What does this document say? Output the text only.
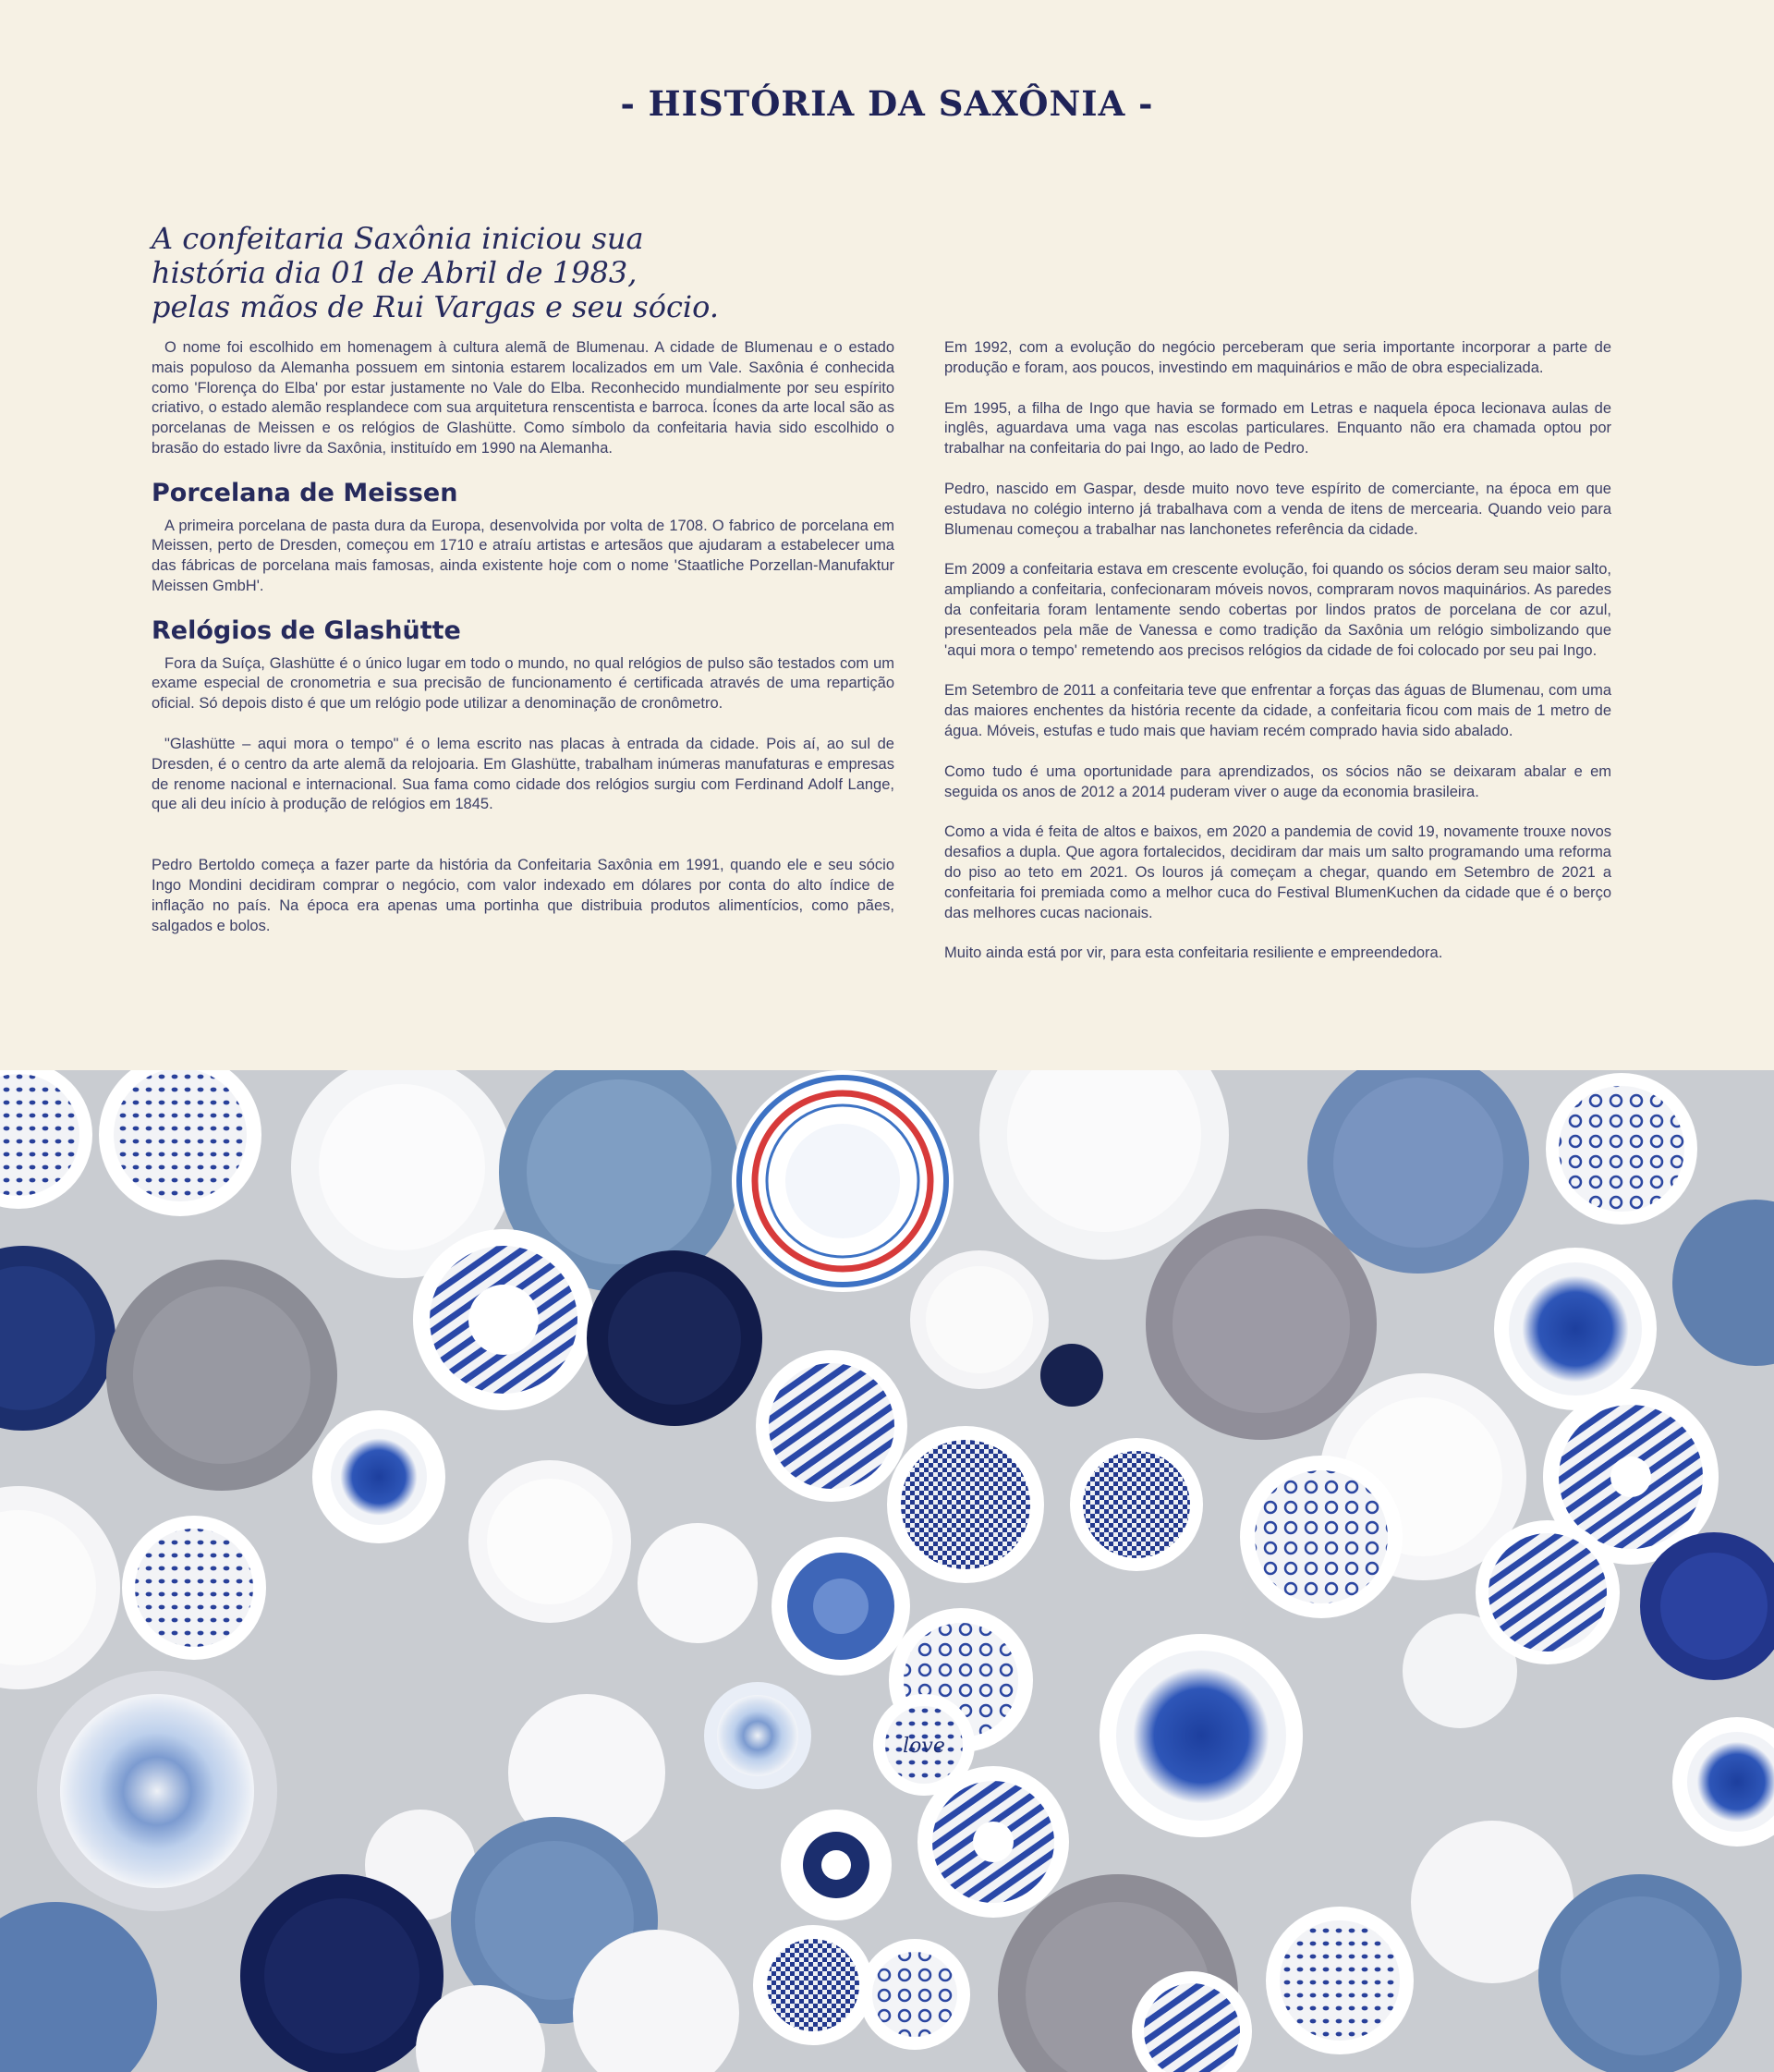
- HISTÓRIA DA SAXÔNIA -
A confeitaria Saxônia iniciou sua
história dia 01 de Abril de 1983,
pelas mãos de Rui Vargas e seu sócio.

O nome foi escolhido em homenagem à cultura alemã de Blumenau. A cidade de Blumenau e o estado mais populoso da Alemanha possuem em sintonia estarem localizados em um Vale. Saxônia é conhecida como 'Florença do Elba' por estar justamente no Vale do Elba. Reconhecido mundialmente por seu espírito criativo, o estado alemão resplandece com sua arquitetura renscentista e barroca. Ícones da arte local são as porcelanas de Meissen e os relógios de Glashütte. Como símbolo da confeitaria havia sido escolhido o brasão do estado livre da Saxônia, instituído em 1990 na Alemanha.

Porcelana de Meissen

A primeira porcelana de pasta dura da Europa, desenvolvida por volta de 1708. O fabrico de porcelana em Meissen, perto de Dresden, começou em 1710 e atraíu artistas e artesãos que ajudaram a estabelecer uma das fábricas de porcelana mais famosas, ainda existente hoje com o nome 'Staatliche Porzellan-Manufaktur Meissen GmbH'.

Relógios de Glashütte

Fora da Suíça, Glashütte é o único lugar em todo o mundo, no qual relógios de pulso são testados com um exame especial de cronometria e sua precisão de funcionamento é certificada através de uma repartição oficial. Só depois disto é que um relógio pode utilizar a denominação de cronômetro.

"Glashütte – aqui mora o tempo" é o lema escrito nas placas à entrada da cidade. Pois aí, ao sul de Dresden, é o centro da arte alemã da relojoaria. Em Glashütte, trabalham inúmeras manufaturas e empresas de renome nacional e internacional. Sua fama como cidade dos relógios surgiu com Ferdinand Adolf Lange, que ali deu início à produção de relógios em 1845.

Pedro Bertoldo começa a fazer parte da história da Confeitaria Saxônia em 1991, quando ele e seu sócio Ingo Mondini decidiram comprar o negócio, com valor indexado em dólares por conta do alto índice de inflação no país. Na época era apenas uma portinha que distribuia produtos alimentícios, como pães, salgados e bolos.

Em 1992, com a evolução do negócio perceberam que seria importante incorporar a parte de produção e foram, aos poucos, investindo em maquinários e mão de obra especializada.

Em 1995, a filha de Ingo que havia se formado em Letras e naquela época lecionava aulas de inglês, aguardava uma vaga nas escolas particulares. Enquanto não era chamada optou por trabalhar na confeitaria do pai Ingo, ao lado de Pedro.

Pedro, nascido em Gaspar, desde muito novo teve espírito de comerciante, na época em que estudava no colégio interno já trabalhava com a venda de itens de mercearia. Quando veio para Blumenau começou a trabalhar nas lanchonetes referência da cidade.

Em 2009 a confeitaria estava em crescente evolução, foi quando os sócios deram seu maior salto, ampliando a confeitaria, confecionaram móveis novos, compraram novos maquinários. As paredes da confeitaria foram lentamente sendo cobertas por lindos pratos de porcelana de cor azul, presenteados pela mãe de Vanessa e como tradição da Saxônia um relógio simbolizando que 'aqui mora o tempo' remetendo aos precisos relógios da cidade de foi colocado por seu pai Ingo.

Em Setembro de 2011 a confeitaria teve que enfrentar a forças das águas de Blumenau, com uma das maiores enchentes da história recente da cidade, a confeitaria ficou com mais de 1 metro de água. Móveis, estufas e tudo mais que haviam recém comprado havia sido abalado.

Como tudo é uma oportunidade para aprendizados, os sócios não se deixaram abalar e em seguida os anos de 2012 a 2014 puderam viver o auge da economia brasileira.

Como a vida é feita de altos e baixos, em 2020 a pandemia de covid 19, novamente trouxe novos desafios a dupla. Que agora fortalecidos, decidiram dar mais um salto programando uma reforma do piso ao teto em 2021. Os louros já começam a chegar, quando em Setembro de 2021 a confeitaria foi premiada como a melhor cuca do Festival BlumenKuchen da cidade que é o berço das melhores cucas nacionais.

Muito ainda está por vir, para esta confeitaria resiliente e empreendedora.

love
